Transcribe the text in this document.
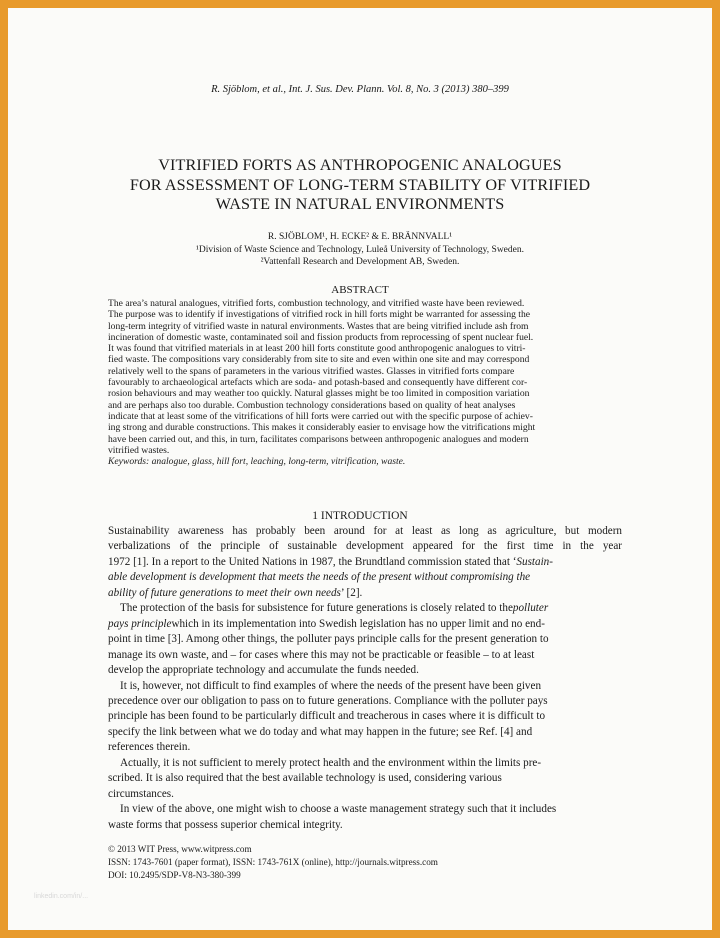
R. Sjöblom, et al., Int. J. Sus. Dev. Plann. Vol. 8, No. 3 (2013) 380–399
VITRIFIED FORTS AS ANTHROPOGENIC ANALOGUES
FOR ASSESSMENT OF LONG-TERM STABILITY OF VITRIFIED
WASTE IN NATURAL ENVIRONMENTS
R. SJÖBLOM¹, H. ECKE² & E. BRÄNNVALL¹
¹Division of Waste Science and Technology, Luleå University of Technology, Sweden.
²Vattenfall Research and Development AB, Sweden.
ABSTRACT
The area’s natural analogues, vitrified forts, combustion technology, and vitrified waste have been reviewed.
The purpose was to identify if investigations of vitrified rock in hill forts might be warranted for assessing the
long-term integrity of vitrified waste in natural environments. Wastes that are being vitrified include ash from
incineration of domestic waste, contaminated soil and fission products from reprocessing of spent nuclear fuel.
It was found that vitrified materials in at least 200 hill forts constitute good anthropogenic analogues to vitri-
fied waste. The compositions vary considerably from site to site and even within one site and may correspond
relatively well to the spans of parameters in the various vitrified wastes. Glasses in vitrified forts compare
favourably to archaeological artefacts which are soda- and potash-based and consequently have different cor-
rosion behaviours and may weather too quickly. Natural glasses might be too limited in composition variation
and are perhaps also too durable. Combustion technology considerations based on quality of heat analyses
indicate that at least some of the vitrifications of hill forts were carried out with the specific purpose of achiev-
ing strong and durable constructions. This makes it considerably easier to envisage how the vitrifications might
have been carried out, and this, in turn, facilitates comparisons between anthropogenic analogues and modern
vitrified wastes.
Keywords: analogue, glass, hill fort, leaching, long-term, vitrification, waste.
1 INTRODUCTION
Sustainability awareness has probably been around for at least as long as agriculture, but modern
verbalizations of the principle of sustainable development appeared for the first time in the year
1972 [1]. In a report to the United Nations in 1987, the Brundtland commission stated that ‘ Sustain-
able development is development that meets the needs of the present without compromising the
ability of future generations to meet their own needs ’ [2].
The protection of the basis for subsistence for future generations is closely related to the polluter
pays principle which in its implementation into Swedish legislation has no upper limit and no end-
point in time [3]. Among other things, the polluter pays principle calls for the present generation to
manage its own waste, and – for cases where this may not be practicable or feasible – to at least
develop the appropriate technology and accumulate the funds needed.
It is, however, not difficult to find examples of where the needs of the present have been given
precedence over our obligation to pass on to future generations. Compliance with the polluter pays
principle has been found to be particularly difficult and treacherous in cases where it is difficult to
specify the link between what we do today and what may happen in the future; see Ref. [4] and
references therein.
Actually, it is not sufficient to merely protect health and the environment within the limits pre-
scribed. It is also required that the best available technology is used, considering various
circumstances.
In view of the above, one might wish to choose a waste management strategy such that it includes
waste forms that possess superior chemical integrity.
© 2013 WIT Press, www.witpress.com
ISSN: 1743-7601 (paper format), ISSN: 1743-761X (online), http://journals.witpress.com
DOI: 10.2495/SDP-V8-N3-380-399
linkedin.com/in/...
